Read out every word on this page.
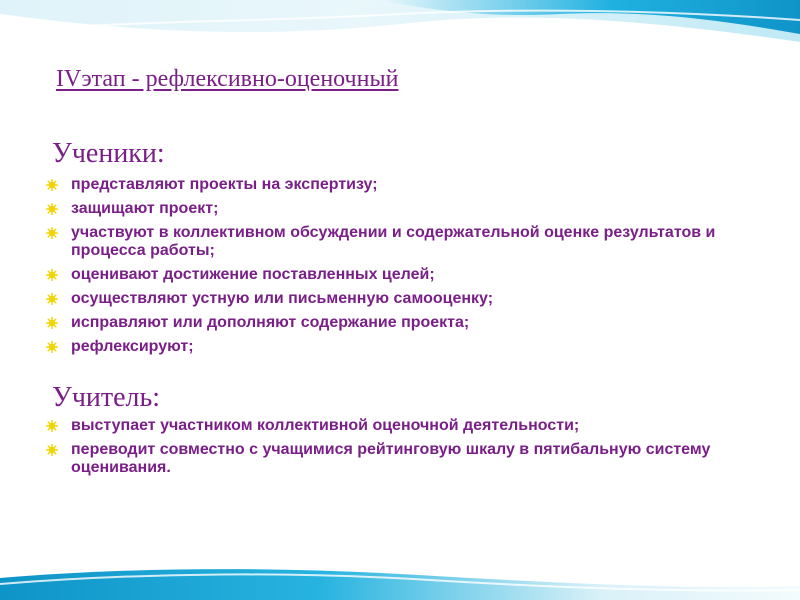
IVэтап - рефлексивно-оценочный
Ученики:
представляют проекты на экспертизу;
защищают проект;
участвуют в коллективном обсуждении и содержательной оценке результатов и процесса работы;
оценивают достижение поставленных целей;
осуществляют устную или письменную самооценку;
исправляют или дополняют содержание проекта;
рефлексируют;
Учитель:
выступает участником коллективной оценочной деятельности;
переводит совместно с учащимися рейтинговую шкалу в пятибальную систему оценивания.
